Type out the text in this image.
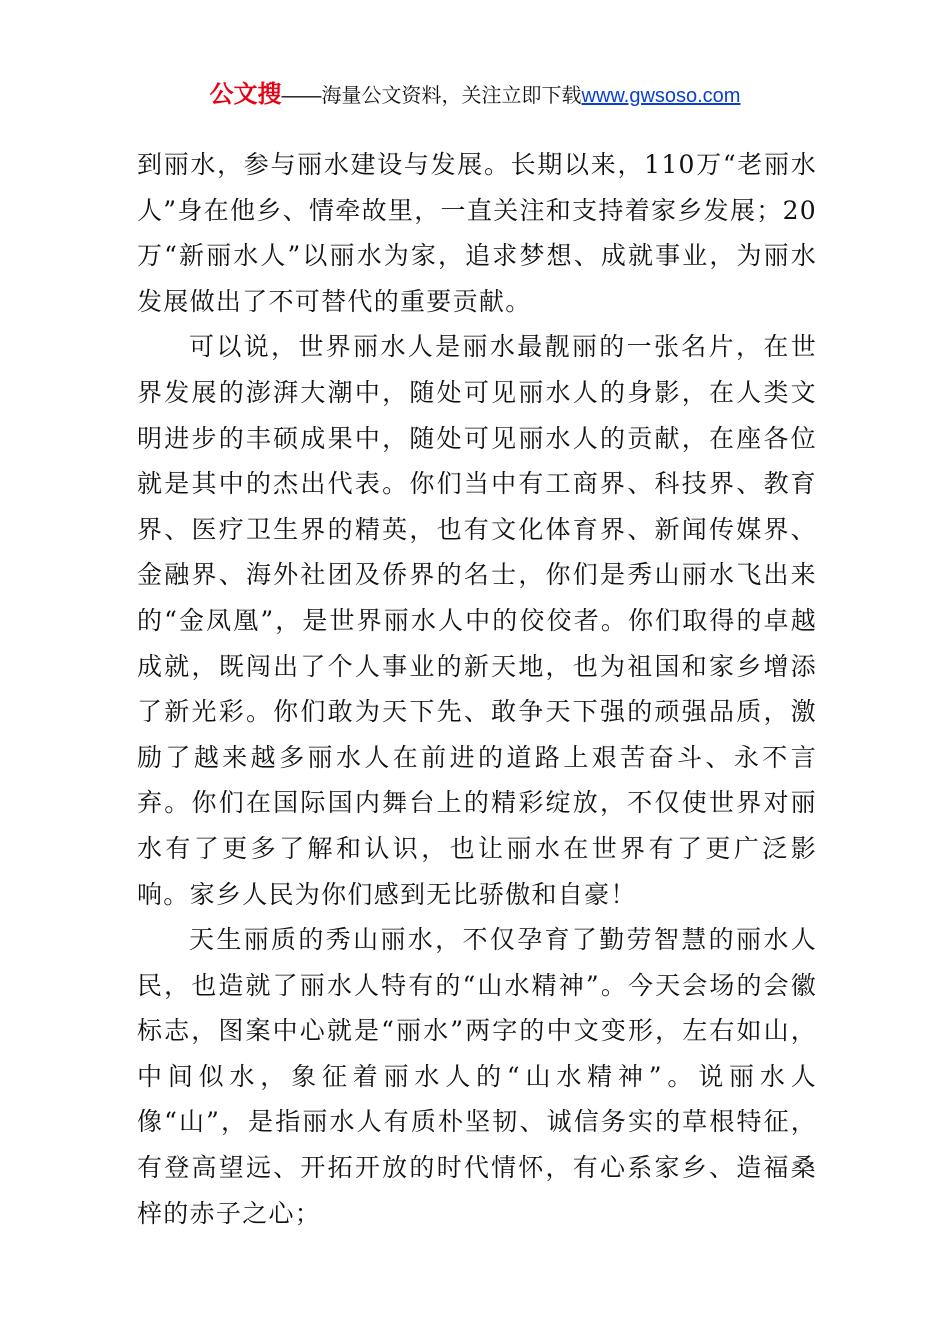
公文搜——海量公文资料，关注立即下载www.gwsoso.com

到丽水，参与丽水建设与发展。长期以来，110万“老丽水人”身在他乡、情牵故里，一直关注和支持着家乡发展；20万“新丽水人”以丽水为家，追求梦想、成就事业，为丽水发展做出了不可替代的重要贡献。

可以说，世界丽水人是丽水最靓丽的一张名片，在世界发展的澎湃大潮中，随处可见丽水人的身影，在人类文明进步的丰硕成果中，随处可见丽水人的贡献，在座各位就是其中的杰出代表。你们当中有工商界、科技界、教育界、医疗卫生界的精英，也有文化体育界、新闻传媒界、金融界、海外社团及侨界的名士，你们是秀山丽水飞出来的“金凤凰”，是世界丽水人中的佼佼者。你们取得的卓越成就，既闯出了个人事业的新天地，也为祖国和家乡增添了新光彩。你们敢为天下先、敢争天下强的顽强品质，激励了越来越多丽水人在前进的道路上艰苦奋斗、永不言弃。你们在国际国内舞台上的精彩绽放，不仅使世界对丽水有了更多了解和认识，也让丽水在世界有了更广泛影响。家乡人民为你们感到无比骄傲和自豪！

天生丽质的秀山丽水，不仅孕育了勤劳智慧的丽水人民，也造就了丽水人特有的“山水精神”。今天会场的会徽标志，图案中心就是“丽水”两字的中文变形，左右如山，中间似水，象征着丽水人的“山水精神”。说丽水人像“山”，是指丽水人有质朴坚韧、诚信务实的草根特征，有登高望远、开拓开放的时代情怀，有心系家乡、造福桑梓的赤子之心；
